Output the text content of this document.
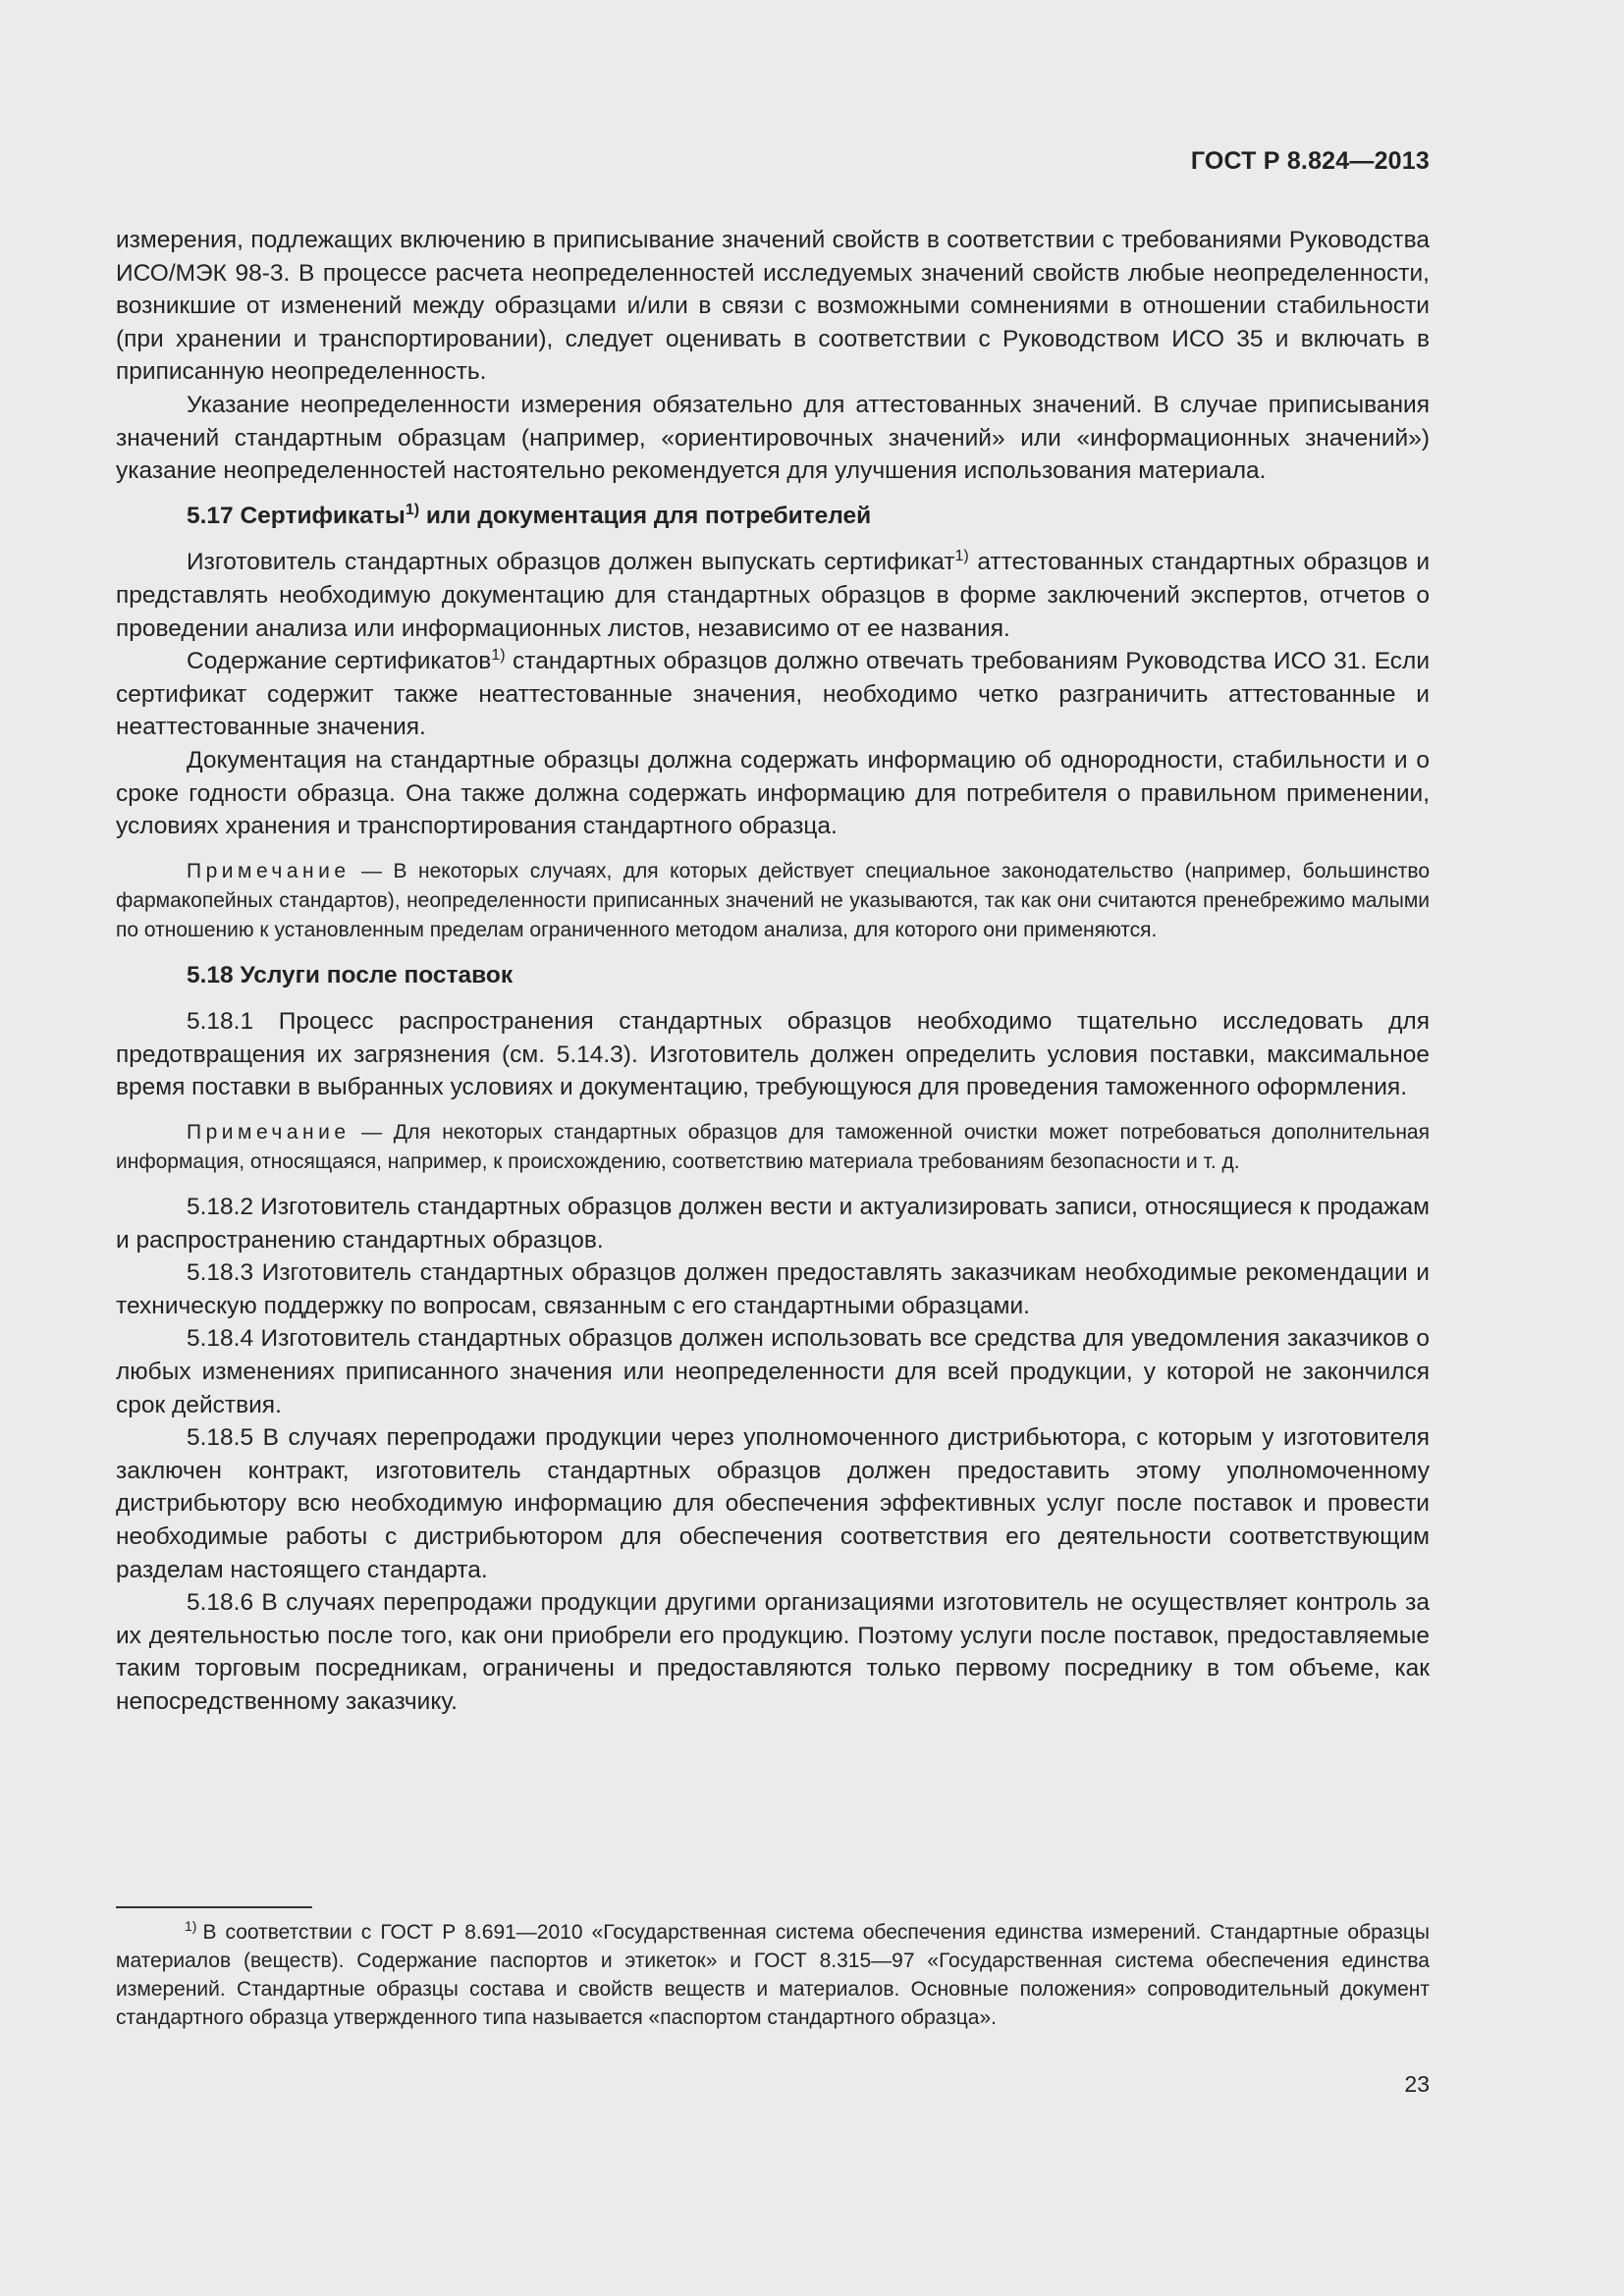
ГОСТ Р 8.824—2013

измерения, подлежащих включению в приписывание значений свойств в соответствии с требованиями Руководства ИСО/МЭК 98-3. В процессе расчета неопределенностей исследуемых значений свойств любые неопределенности, возникшие от изменений между образцами и/или в связи с возможными сомнениями в отношении стабильности (при хранении и транспортировании), следует оценивать в соответствии с Руководством ИСО 35 и включать в приписанную неопределенность.

Указание неопределенности измерения обязательно для аттестованных значений. В случае приписывания значений стандартным образцам (например, «ориентировочных значений» или «информационных значений») указание неопределенностей настоятельно рекомендуется для улучшения использования материала.

5.17 Сертификаты$^{1)}$ или документация для потребителей

Изготовитель стандартных образцов должен выпускать сертификат$^{1)}$ аттестованных стандартных образцов и представлять необходимую документацию для стандартных образцов в форме заключений экспертов, отчетов о проведении анализа или информационных листов, независимо от ее названия.

Содержание сертификатов$^{1)}$ стандартных образцов должно отвечать требованиям Руководства ИСО 31. Если сертификат содержит также неаттестованные значения, необходимо четко разграничить аттестованные и неаттестованные значения.

Документация на стандартные образцы должна содержать информацию об однородности, стабильности и о сроке годности образца. Она также должна содержать информацию для потребителя о правильном применении, условиях хранения и транспортирования стандартного образца.

Примечание — В некоторых случаях, для которых действует специальное законодательство (например, большинство фармакопейных стандартов), неопределенности приписанных значений не указываются, так как они считаются пренебрежимо малыми по отношению к установленным пределам ограниченного методом анализа, для которого они применяются.
5.18 Услуги после поставок

5.18.1 Процесс распространения стандартных образцов необходимо тщательно исследовать для предотвращения их загрязнения (см. 5.14.3). Изготовитель должен определить условия поставки, максимальное время поставки в выбранных условиях и документацию, требующуюся для проведения таможенного оформления.

Примечание — Для некоторых стандартных образцов для таможенной очистки может потребоваться дополнительная информация, относящаяся, например, к происхождению, соответствию материала требованиям безопасности и т. д.

5.18.2 Изготовитель стандартных образцов должен вести и актуализировать записи, относящиеся к продажам и распространению стандартных образцов.

5.18.3 Изготовитель стандартных образцов должен предоставлять заказчикам необходимые рекомендации и техническую поддержку по вопросам, связанным с его стандартными образцами.

5.18.4 Изготовитель стандартных образцов должен использовать все средства для уведомления заказчиков о любых изменениях приписанного значения или неопределенности для всей продукции, у которой не закончился срок действия.

5.18.5 В случаях перепродажи продукции через уполномоченного дистрибьютора, с которым у изготовителя заключен контракт, изготовитель стандартных образцов должен предоставить этому уполномоченному дистрибьютору всю необходимую информацию для обеспечения эффективных услуг после поставок и провести необходимые работы с дистрибьютором для обеспечения соответствия его деятельности соответствующим разделам настоящего стандарта.

5.18.6 В случаях перепродажи продукции другими организациями изготовитель не осуществляет контроль за их деятельностью после того, как они приобрели его продукцию. Поэтому услуги после поставок, предоставляемые таким торговым посредникам, ограничены и предоставляются только первому посреднику в том объеме, как непосредственному заказчику.

$^{1)}$ В соответствии с ГОСТ Р 8.691—2010 «Государственная система обеспечения единства измерений. Стандартные образцы материалов (веществ). Содержание паспортов и этикеток» и ГОСТ 8.315—97 «Государственная система обеспечения единства измерений. Стандартные образцы состава и свойств веществ и материалов. Основные положения» сопроводительный документ стандартного образца утвержденного типа называется «паспортом стандартного образца».
23
